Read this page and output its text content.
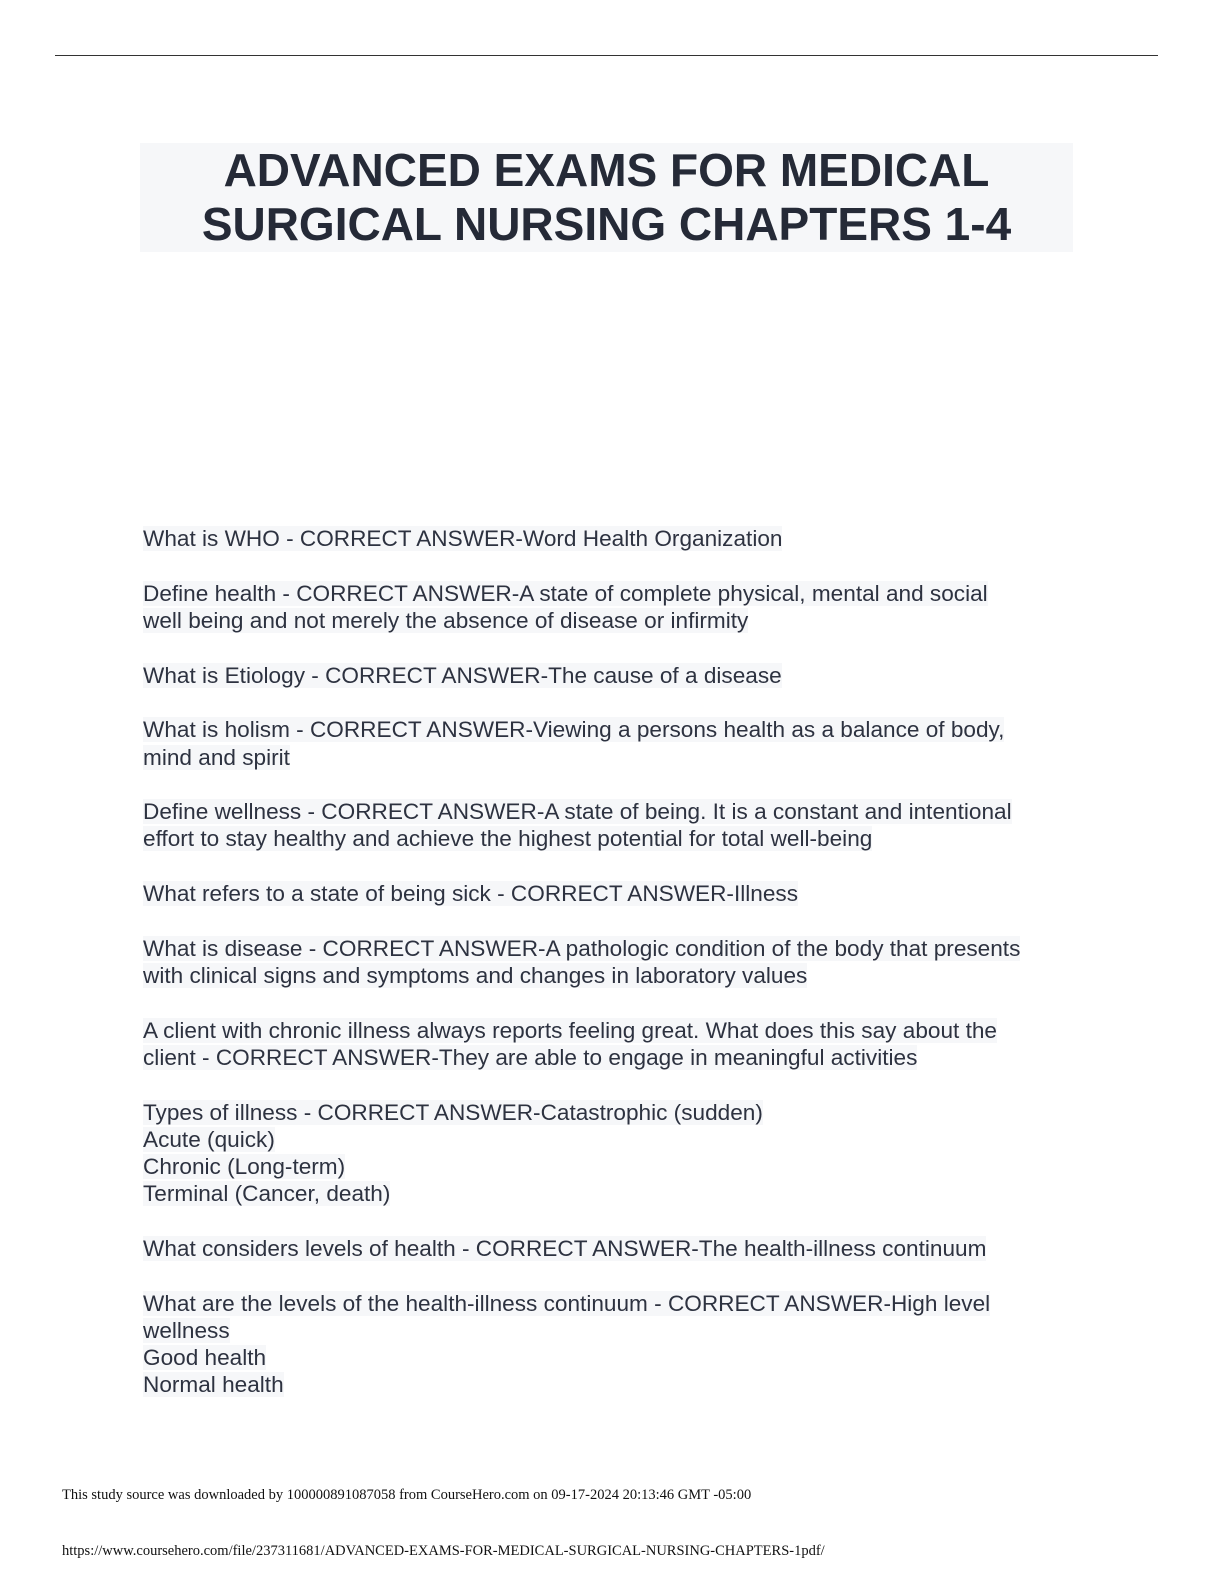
ADVANCED EXAMS FOR MEDICAL
SURGICAL NURSING CHAPTERS 1-4
What is WHO - CORRECT ANSWER-Word Health Organization
Define health - CORRECT ANSWER-A state of complete physical, mental and social
well being and not merely the absence of disease or infirmity
What is Etiology - CORRECT ANSWER-The cause of a disease
What is holism - CORRECT ANSWER-Viewing a persons health as a balance of body,
mind and spirit
Define wellness - CORRECT ANSWER-A state of being. It is a constant and intentional
effort to stay healthy and achieve the highest potential for total well-being
What refers to a state of being sick - CORRECT ANSWER-Illness
What is disease - CORRECT ANSWER-A pathologic condition of the body that presents
with clinical signs and symptoms and changes in laboratory values
A client with chronic illness always reports feeling great. What does this say about the
client - CORRECT ANSWER-They are able to engage in meaningful activities
Types of illness - CORRECT ANSWER-Catastrophic (sudden)
Acute (quick)
Chronic (Long-term)
Terminal (Cancer, death)
What considers levels of health - CORRECT ANSWER-The health-illness continuum
What are the levels of the health-illness continuum - CORRECT ANSWER-High level
wellness
Good health
Normal health
This study source was downloaded by 100000891087058 from CourseHero.com on 09-17-2024 20:13:46 GMT -05:00
https://www.coursehero.com/file/237311681/ADVANCED-EXAMS-FOR-MEDICAL-SURGICAL-NURSING-CHAPTERS-1pdf/
